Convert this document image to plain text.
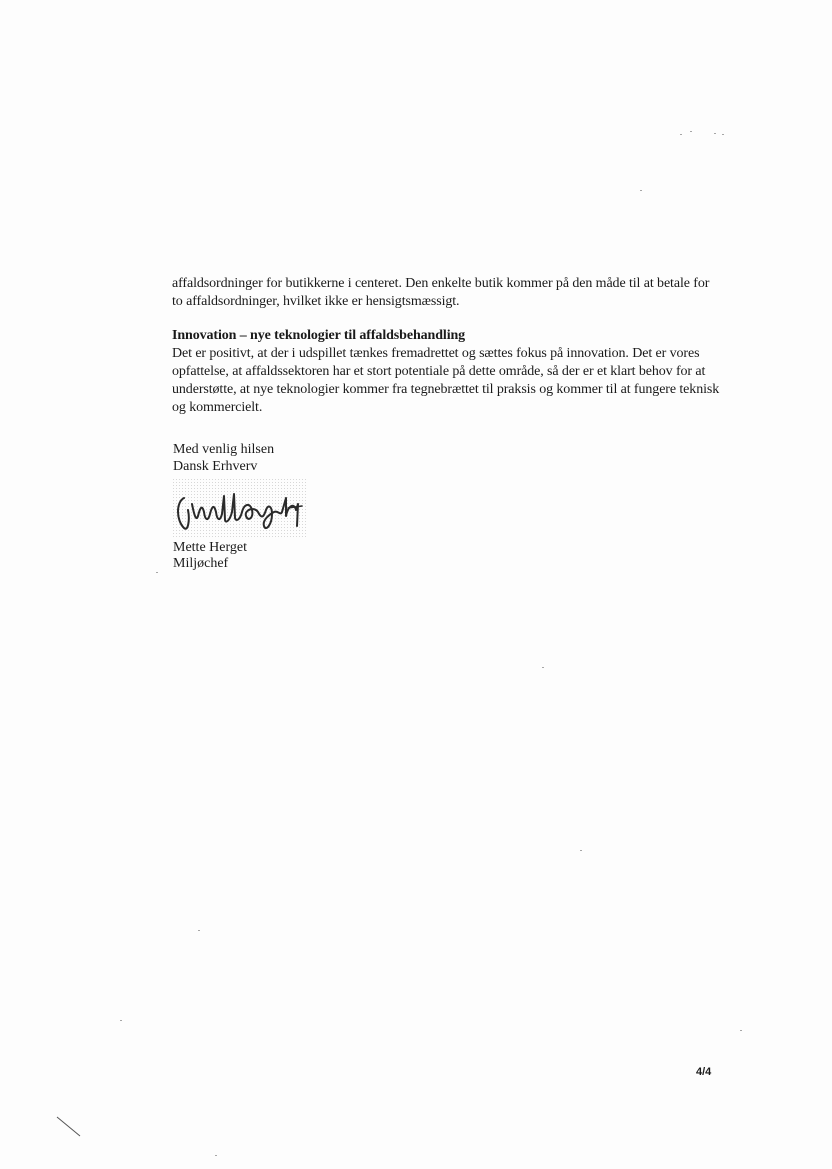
affaldsordninger for butikkerne i centeret. Den enkelte butik kommer på den måde til at betale for
to affaldsordninger, hvilket ikke er hensigtsmæssigt.

Innovation – nye teknologier til affaldsbehandling

Det er positivt, at der i udspillet tænkes fremadrettet og sættes fokus på innovation. Det er vores
opfattelse, at affaldssektoren har et stort potentiale på dette område, så der er et klart behov for at
understøtte, at nye teknologier kommer fra tegnebrættet til praksis og kommer til at fungere teknisk
og kommercielt.

Med venlig hilsen
Dansk Erhverv
Mette Herget
Miljøchef
4/4
